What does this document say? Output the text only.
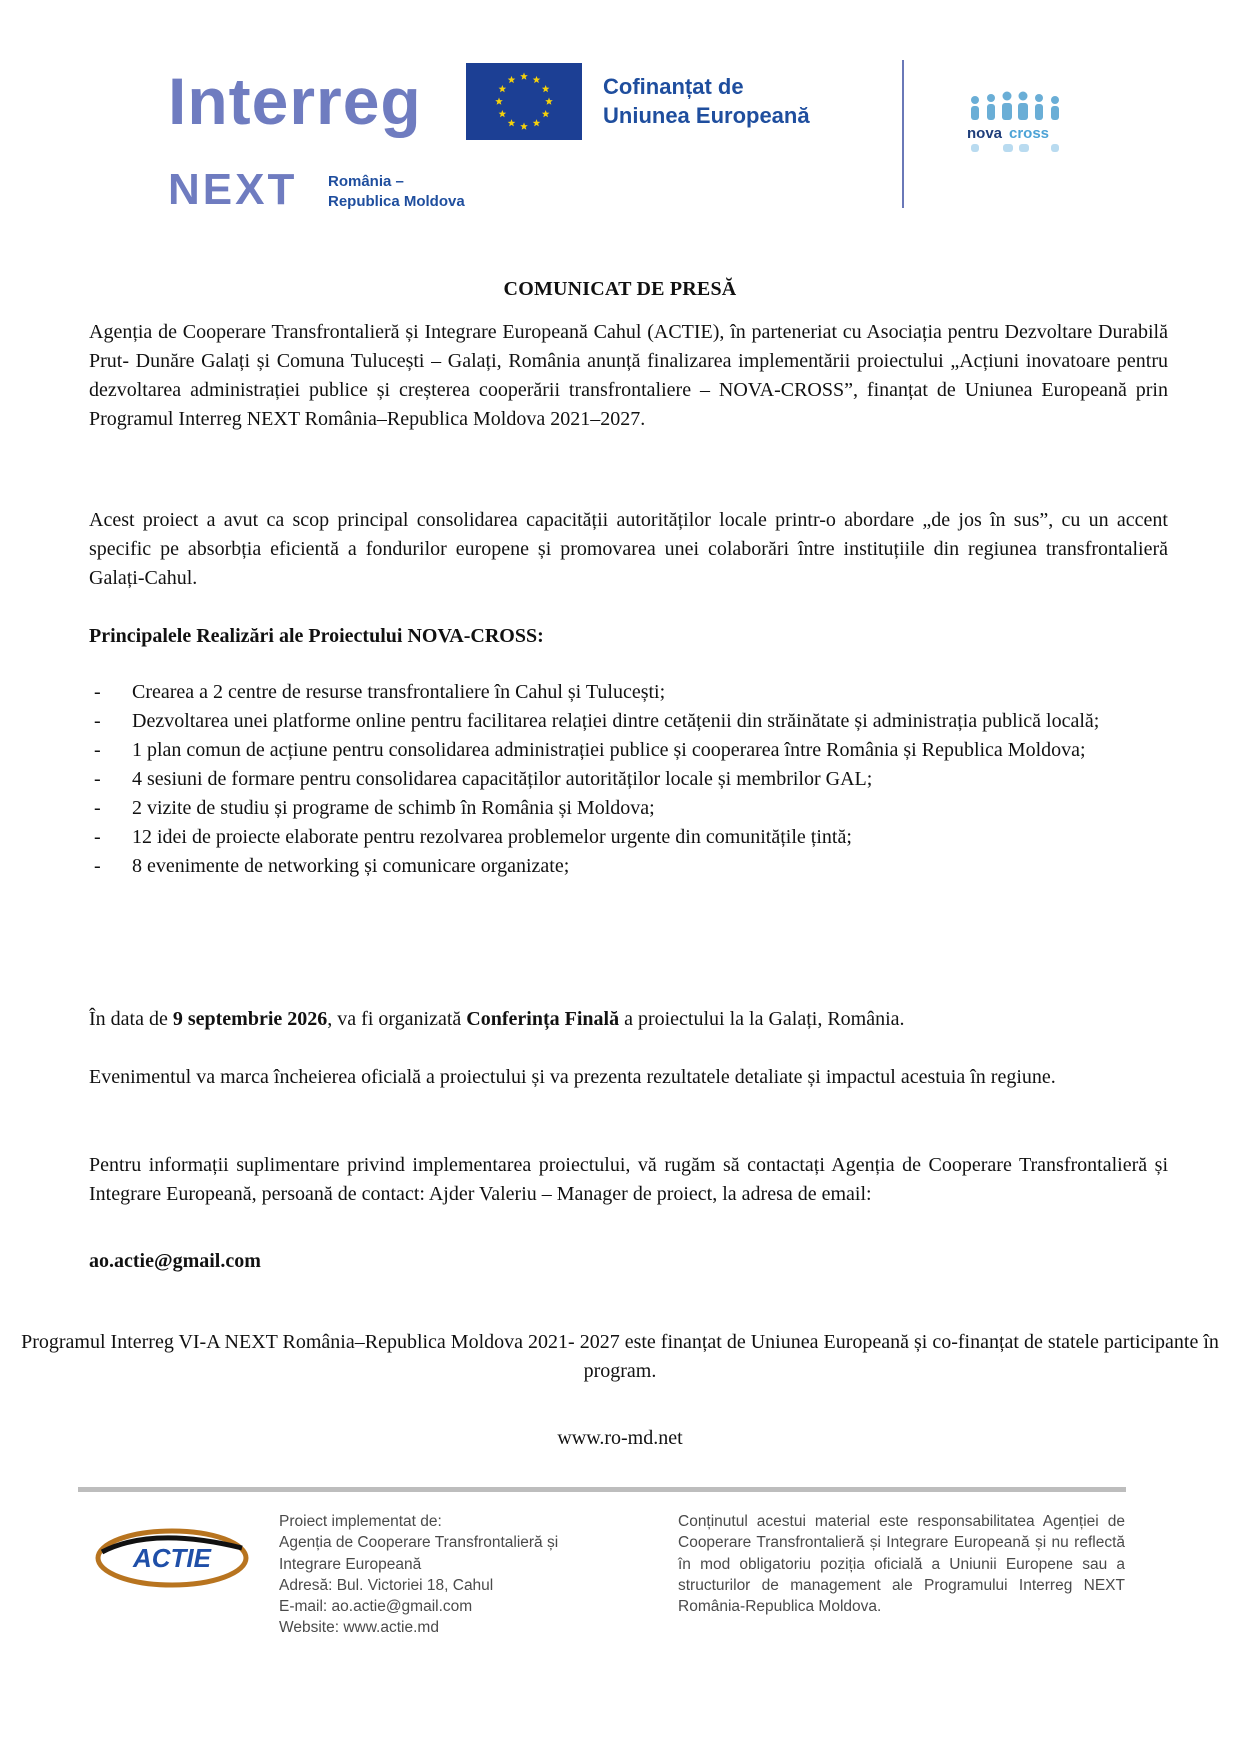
Interreg	Cofinanțat de
Uniunea Europeană
NEXT România –
Republica Moldova
nova cross
COMUNICAT DE PRESĂ
Agenția de Cooperare Transfrontalieră și Integrare Europeană Cahul (ACTIE), în parteneriat cu Asociația pentru Dezvoltare Durabilă Prut- Dunăre Galați și Comuna Tulucești – Galați, România anunță finalizarea implementării proiectului „Acțiuni inovatoare pentru dezvoltarea administrației publice și creșterea cooperării transfrontaliere – NOVA-CROSS”, finanțat de Uniunea Europeană prin Programul Interreg NEXT România–Republica Moldova 2021–2027.
Acest proiect a avut ca scop principal consolidarea capacității autorităților locale printr-o abordare „de jos în sus”, cu un accent specific pe absorbția eficientă a fondurilor europene și promovarea unei colaborări între instituțiile din regiunea transfrontalieră Galați-Cahul.
Principalele Realizări ale Proiectului NOVA-CROSS:
- Crearea a 2 centre de resurse transfrontaliere în Cahul și Tulucești;
- Dezvoltarea unei platforme online pentru facilitarea relației dintre cetățenii din străinătate și administrația publică locală;
- 1 plan comun de acțiune pentru consolidarea administrației publice și cooperarea între România și Republica Moldova;
- 4 sesiuni de formare pentru consolidarea capacităților autorităților locale și membrilor GAL;
- 2 vizite de studiu și programe de schimb în România și Moldova;
- 12 idei de proiecte elaborate pentru rezolvarea problemelor urgente din comunitățile țintă;
- 8 evenimente de networking și comunicare organizate;
În data de 9 septembrie 2026, va fi organizată Conferința Finală a proiectului la la Galați, România.
Evenimentul va marca încheierea oficială a proiectului și va prezenta rezultatele detaliate și impactul acestuia în regiune.
Pentru informații suplimentare privind implementarea proiectului, vă rugăm să contactați Agenția de Cooperare Transfrontalieră și Integrare Europeană, persoană de contact: Ajder Valeriu – Manager de proiect, la adresa de email:
ao.actie@gmail.com
Programul Interreg VI-A NEXT România–Republica Moldova 2021- 2027 este finanțat de Uniunea Europeană și co-finanțat de statele participante în program.
www.ro-md.net
ACTIE
Proiect implementat de:
Agenția de Cooperare Transfrontalieră și
Integrare Europeană
Adresă: Bul. Victoriei 18, Cahul
E-mail: ao.actie@gmail.com
Website: www.actie.md
Conținutul acestui material este responsabilitatea Agenției de Cooperare Transfrontalieră și Integrare Europeană și nu reflectă în mod obligatoriu poziția oficială a Uniunii Europene sau a structurilor de management ale Programului Interreg NEXT România-Republica Moldova.
